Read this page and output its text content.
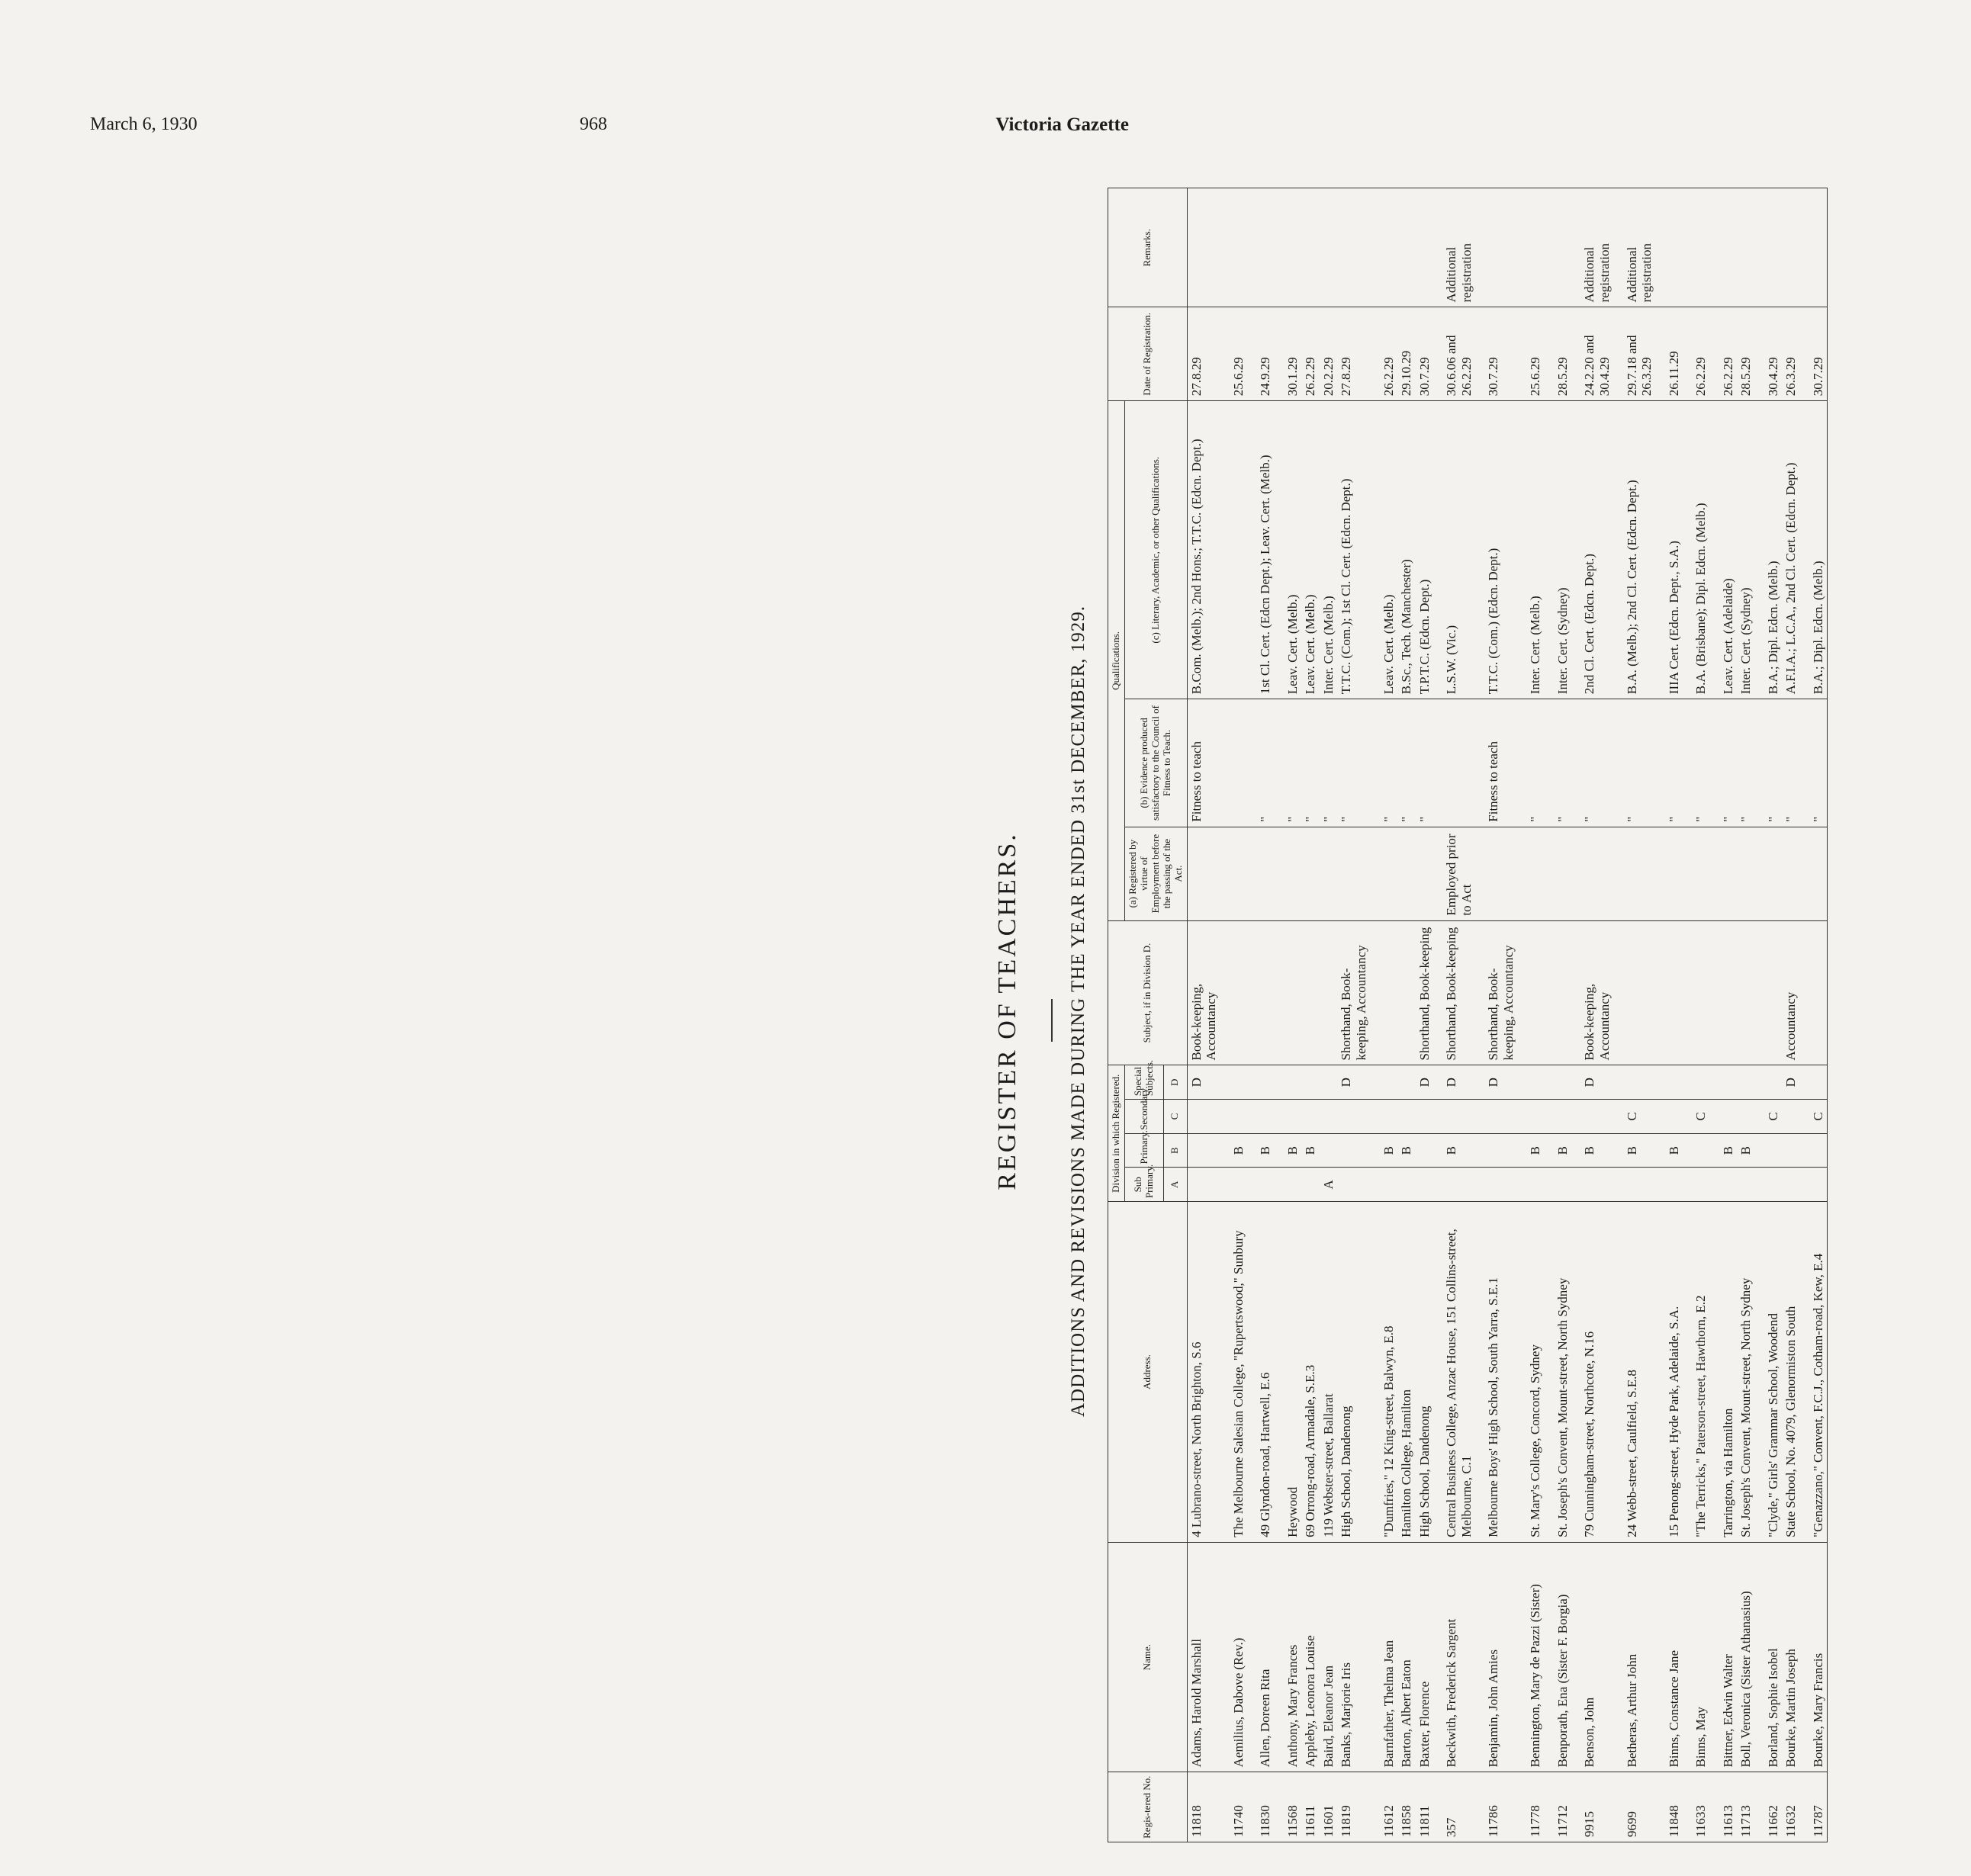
March 6, 1930	968	Victoria Gazette
REGISTER OF TEACHERS. ADDITIONS AND REVISIONS MADE DURING THE YEAR ENDED 31st DECEMBER, 1929.
Regis-tered No.	Name.	Address.	Division in which Registered.				Subject, if in Division D.	Qualifications.			Date of Registration.	Remarks.
			Sub Primary.	Primary.	Secondary.	Special Subjects.		(a) Registered by virtue of Employment before the passing of the Act.	(b) Evidence produced satisfactory to the Council of Fitness to Teach.	(c) Literary, Academic, or other Qualifications.		
			A	B	C	D						
11818	Adams, Harold Marshall	4 Lubrano-street, North Brighton, S.6				D	Book-keeping, Accountancy		Fitness to teach	B.Com. (Melb.); 2nd Hons.; T.T.C. (Edcn. Dept.)	27.8.29	
11740	Aemilius, Dabove (Rev.)	The Melbourne Salesian College, "Rupertswood," Sunbury		B							25.6.29	
11830	Allen, Doreen Rita	49 Glyndon-road, Hartwell, E.6		B					"	1st Cl. Cert. (Edcn Dept.); Leav. Cert. (Melb.)	24.9.29	
11568	Anthony, Mary Frances	Heywood		B					"	Leav. Cert. (Melb.)	30.1.29	
11611	Appleby, Leonora Louise	69 Orrong-road, Armadale, S.E.3		B					"	Leav. Cert. (Melb.)	26.2.29	
11601	Baird, Eleanor Jean	119 Webster-street, Ballarat	A						"	Inter. Cert. (Melb.)	20.2.29	
11819	Banks, Marjorie Iris	High School, Dandenong				D	Shorthand, Book-keeping, Accountancy		"	T.T.C. (Com.); 1st Cl. Cert. (Edcn. Dept.)	27.8.29	
11612	Barnfather, Thelma Jean	"Dumfries," 12 King-street, Balwyn, E.8		B					"	Leav. Cert. (Melb.)	26.2.29	
11858	Barton, Albert Eaton	Hamilton College, Hamilton		B					"	B.Sc., Tech. (Manchester)	29.10.29	
11811	Baxter, Florence	High School, Dandenong				D	Shorthand, Book-keeping		"	T.P.T.C. (Edcn. Dept.)	30.7.29	
357	Beckwith, Frederick Sargent	Central Business College, Anzac House, 151 Collins-street, Melbourne, C.1		B		D	Shorthand, Book-keeping	Employed prior to Act		L.S.W. (Vic.)	30.6.06 and 26.2.29	Additional registration
11786	Benjamin, John Amies	Melbourne Boys' High School, South Yarra, S.E.1				D	Shorthand, Book-keeping, Accountancy		Fitness to teach	T.T.C. (Com.) (Edcn. Dept.)	30.7.29	
11778	Bennington, Mary de Pazzi (Sister)	St. Mary's College, Concord, Sydney		B					"	Inter. Cert. (Melb.)	25.6.29	
11712	Benporath, Ena (Sister F. Borgia)	St. Joseph's Convent, Mount-street, North Sydney		B					"	Inter. Cert. (Sydney)	28.5.29	
9915	Benson, John	79 Cunningham-street, Northcote, N.16		B		D	Book-keeping, Accountancy		"	2nd Cl. Cert. (Edcn. Dept.)	24.2.20 and 30.4.29	Additional registration
9699	Betheras, Arthur John	24 Webb-street, Caulfield, S.E.8		B	C				"	B.A. (Melb.); 2nd Cl. Cert. (Edcn. Dept.)	29.7.18 and 26.3.29	Additional registration
11848	Binns, Constance Jane	15 Penong-street, Hyde Park, Adelaide, S.A.		B					"	IIIA Cert. (Edcn. Dept., S.A.)	26.11.29	
11633	Binns, May	"The Terricks," Paterson-street, Hawthorn, E.2			C				"	B.A. (Brisbane); Dipl. Edcn. (Melb.)	26.2.29	
11613	Bittner, Edwin Walter	Tarrington, via Hamilton		B					"	Leav. Cert. (Adelaide)	26.2.29	
11713	Boll, Veronica (Sister Athanasius)	St. Joseph's Convent, Mount-street, North Sydney		B					"	Inter. Cert. (Sydney)	28.5.29	
11662	Borland, Sophie Isobel	"Clyde," Girls' Grammar School, Woodend			C				"	B.A.; Dipl. Edcn. (Melb.)	30.4.29	
11632	Bourke, Martin Joseph	State School, No. 4079, Glenormiston South				D	Accountancy		"	A.F.I.A.; L.C.A., 2nd Cl. Cert. (Edcn. Dept.)	26.3.29	
11787	Bourke, Mary Francis	"Genazzano," Convent, F.C.J., Cotham-road, Kew, E.4			C				"	B.A.; Dipl. Edcn. (Melb.)	30.7.29	
